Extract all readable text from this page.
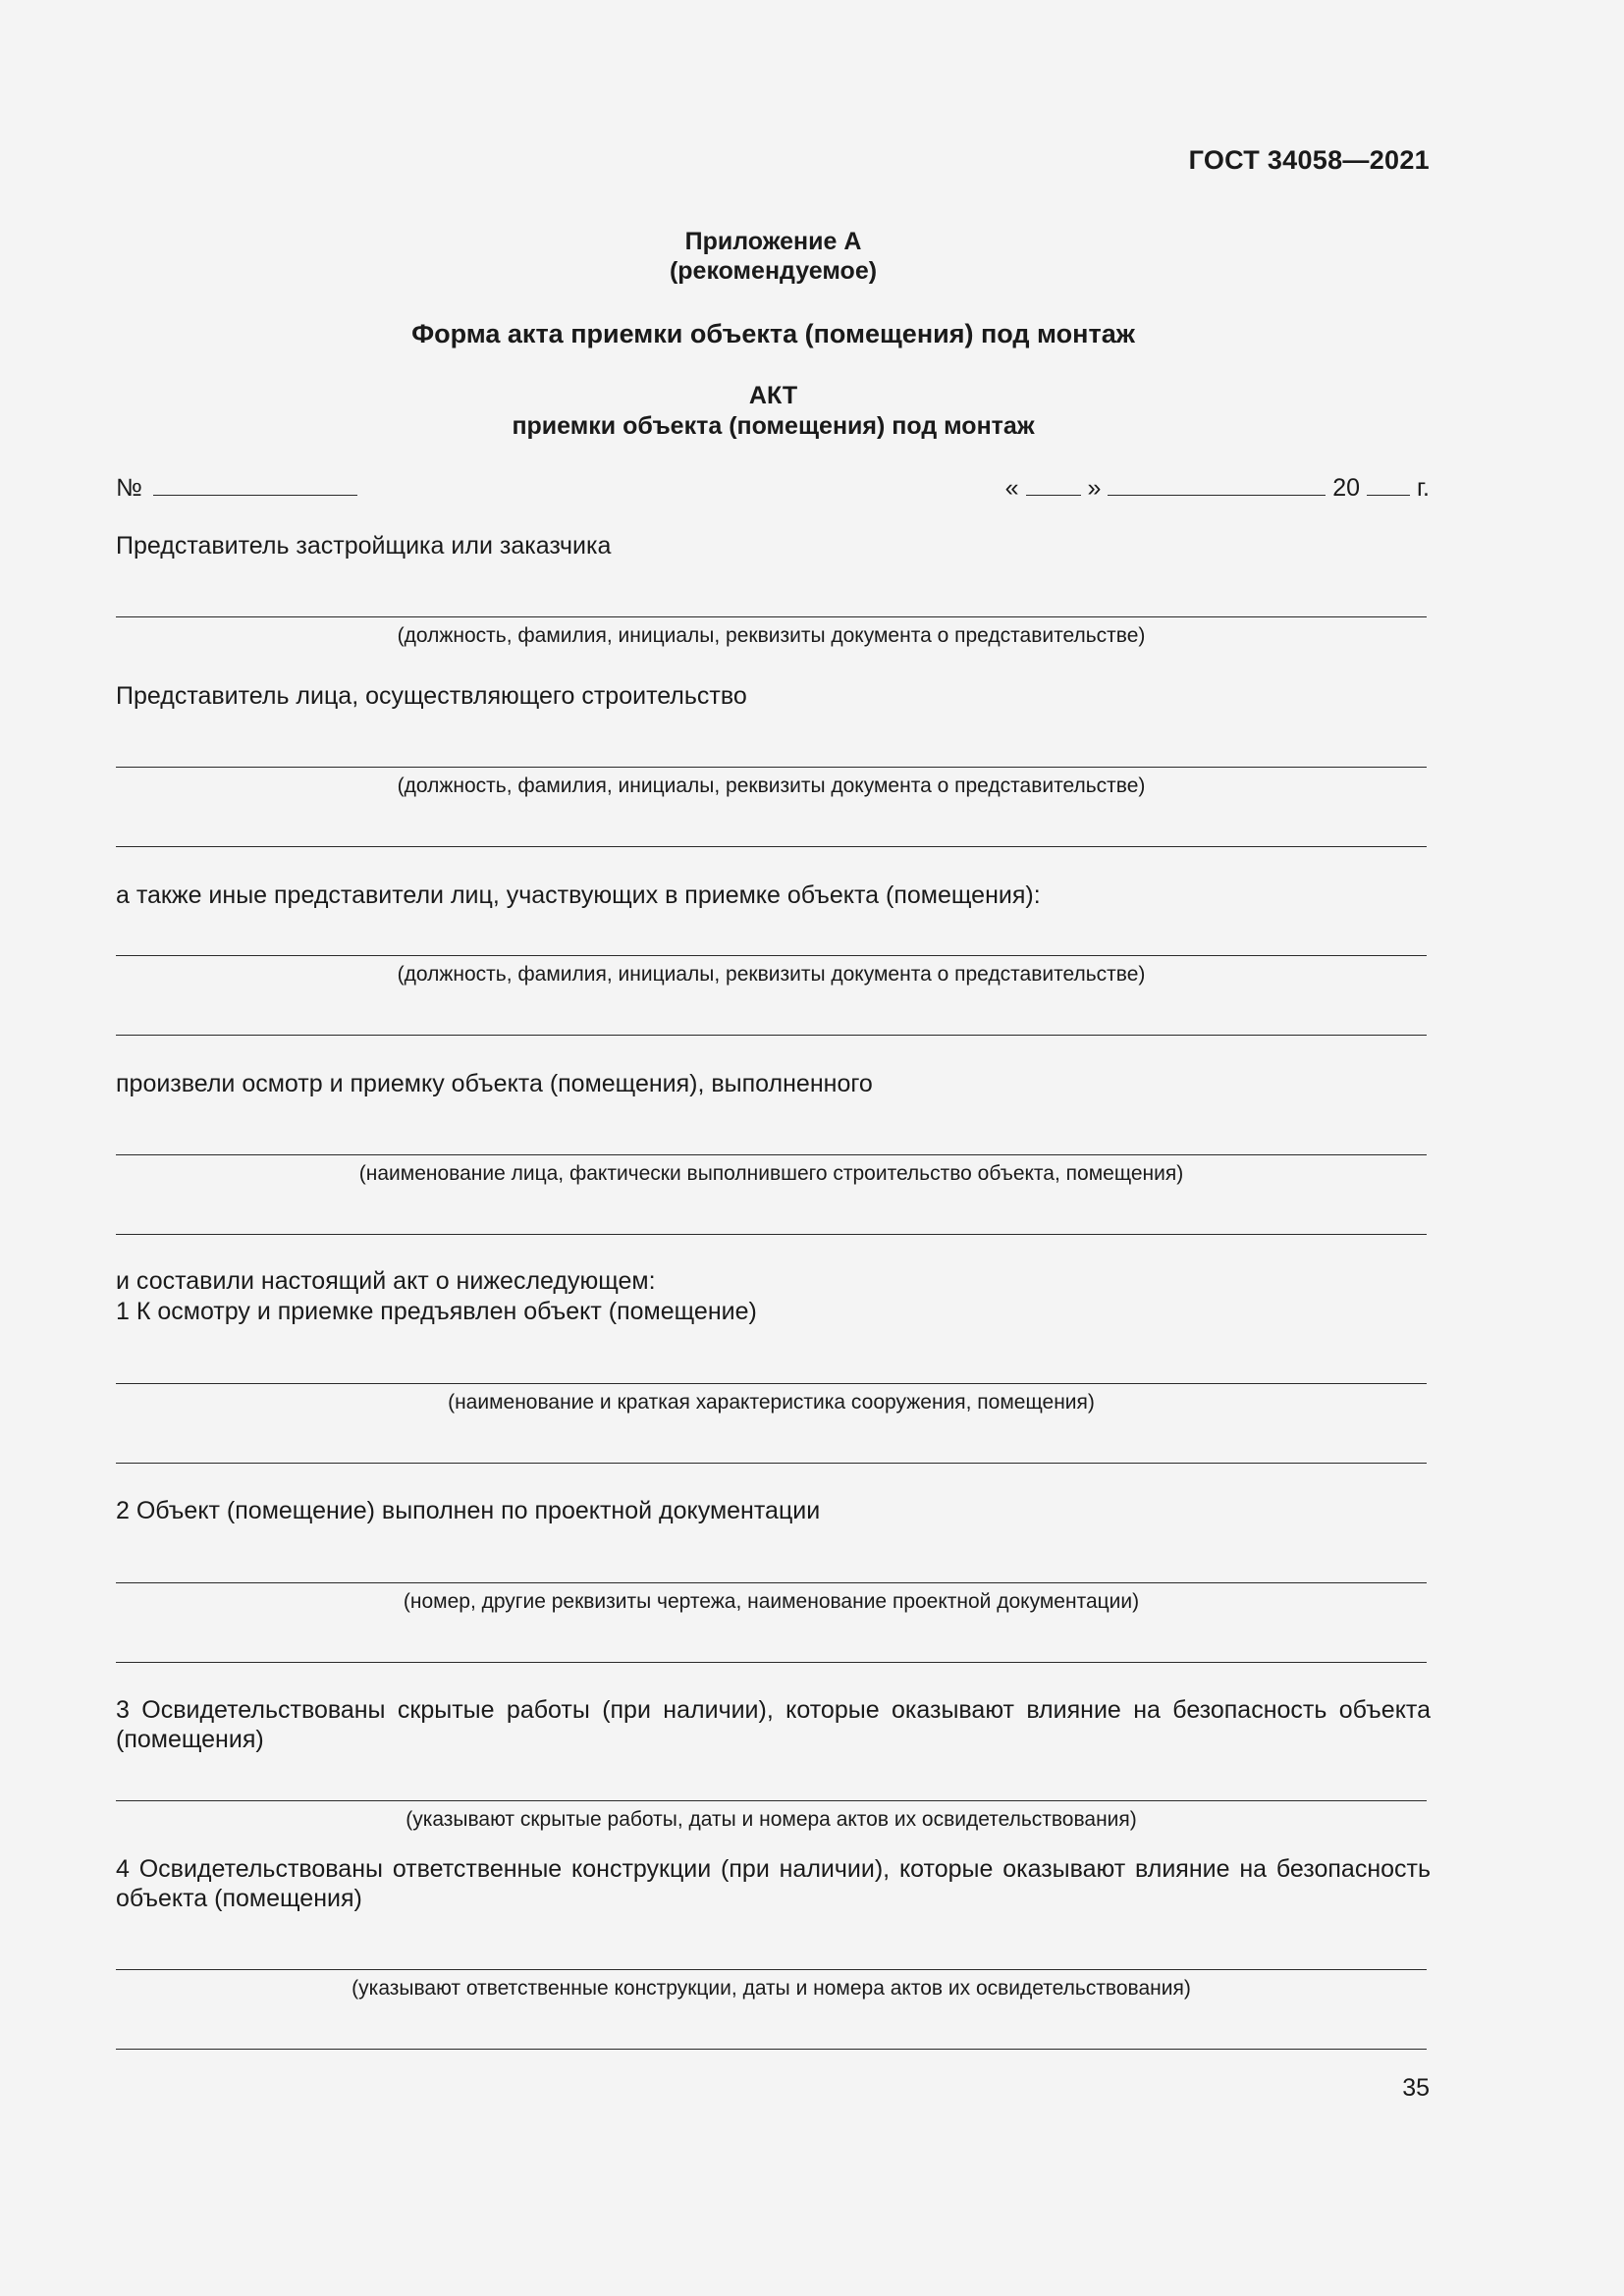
ГОСТ 34058—2021
Приложение А
(рекомендуемое)
Форма акта приемки объекта (помещения) под монтаж
АКТ
приемки объекта (помещения) под монтаж
№	«	»	20 г.
Представитель застройщика или заказчика
(должность, фамилия, инициалы, реквизиты документа о представительстве)
Представитель лица, осуществляющего строительство
(должность, фамилия, инициалы, реквизиты документа о представительстве)
а также иные представители лиц, участвующих в приемке объекта (помещения):
(должность, фамилия, инициалы, реквизиты документа о представительстве)
произвели осмотр и приемку объекта (помещения), выполненного
(наименование лица, фактически выполнившего строительство объекта, помещения)
и составили настоящий акт о нижеследующем:
1 К осмотру и приемке предъявлен объект (помещение)
(наименование и краткая характеристика сооружения, помещения)
2 Объект (помещение) выполнен по проектной документации
(номер, другие реквизиты чертежа, наименование проектной документации)
3 Освидетельствованы скрытые работы (при наличии), которые оказывают влияние на безопасность объекта (помещения)
(указывают скрытые работы, даты и номера актов их освидетельствования)
4 Освидетельствованы ответственные конструкции (при наличии), которые оказывают влияние на безопасность объекта (помещения)
(указывают ответственные конструкции, даты и номера актов их освидетельствования)
35
